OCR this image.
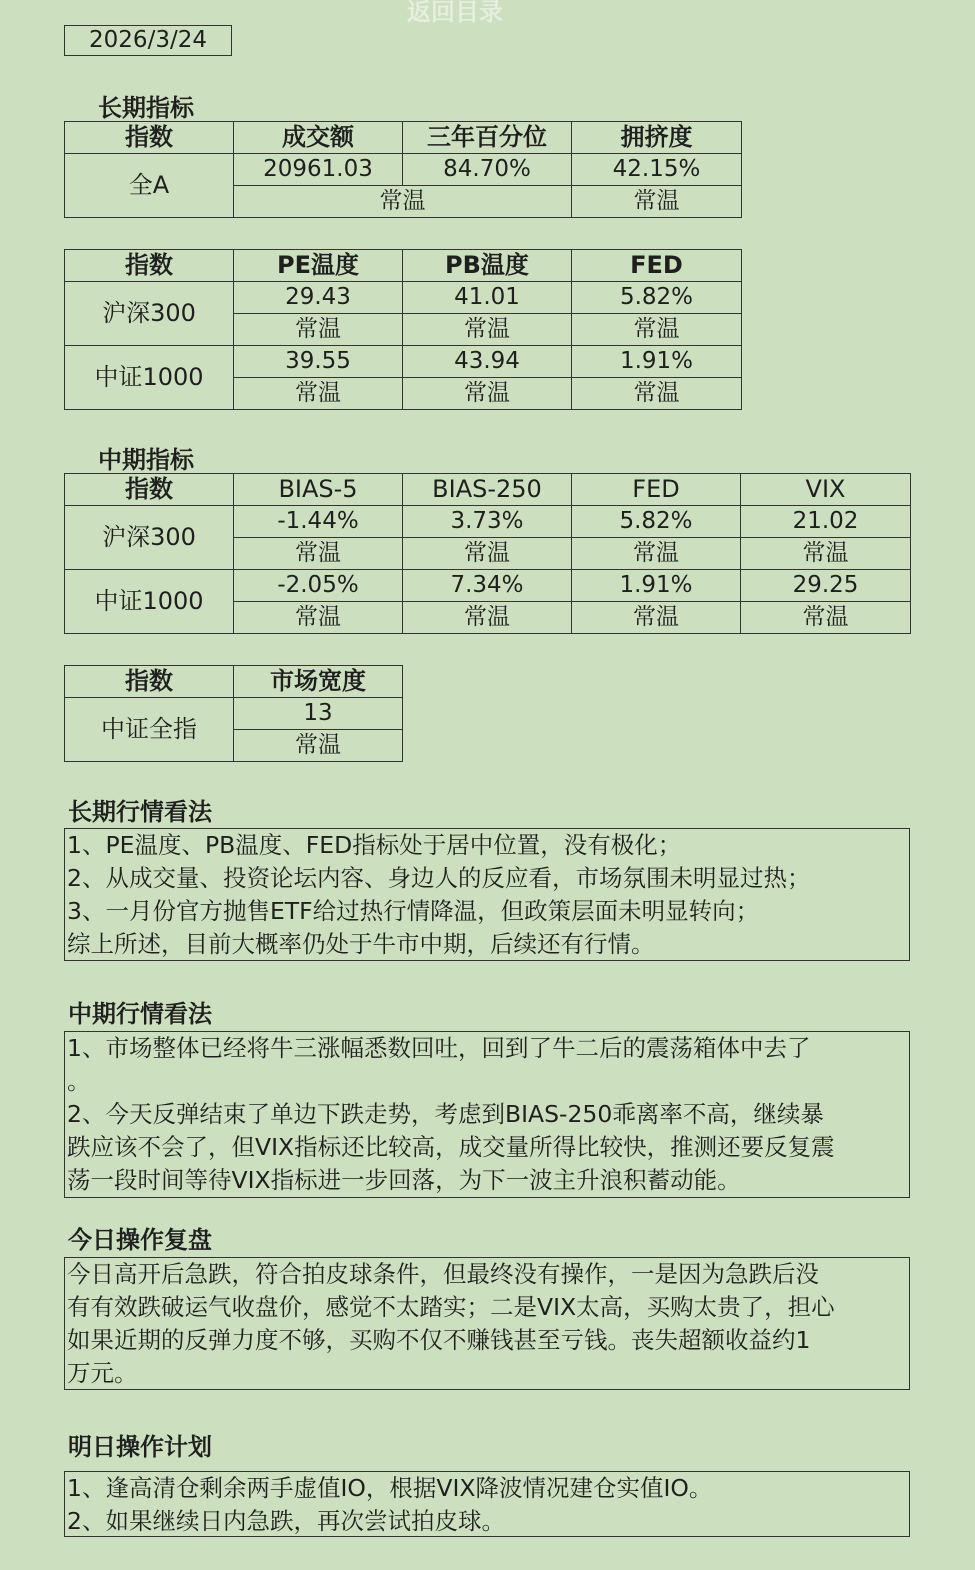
返回目录
2026/3/24
长期指标
指数	成交额	三年百分位	拥挤度
全A	20961.03	84.70%	42.15%
	常温		常温
指数	PE温度	PB温度	FED
沪深300	29.43	41.01	5.82%
	常温	常温	常温
中证1000	39.55	43.94	1.91%
	常温	常温	常温
中期指标
指数	BIAS-5	BIAS-250	FED	VIX
沪深300	-1.44%	3.73%	5.82%	21.02
	常温	常温	常温	常温
中证1000	-2.05%	7.34%	1.91%	29.25
	常温	常温	常温	常温
指数	市场宽度
中证全指	13
	常温
长期行情看法
1、PE温度、PB温度、FED指标处于居中位置，没有极化；
2、从成交量、投资论坛内容、身边人的反应看，市场氛围未明显过热；
3、一月份官方抛售ETF给过热行情降温，但政策层面未明显转向；
综上所述，目前大概率仍处于牛市中期，后续还有行情。
中期行情看法
1、市场整体已经将牛三涨幅悉数回吐，回到了牛二后的震荡箱体中去了
。
2、今天反弹结束了单边下跌走势，考虑到BIAS-250乖离率不高，继续暴
跌应该不会了，但VIX指标还比较高，成交量所得比较快，推测还要反复震
荡一段时间等待VIX指标进一步回落，为下一波主升浪积蓄动能。
今日操作复盘
今日高开后急跌，符合拍皮球条件，但最终没有操作，一是因为急跌后没
有有效跌破运气收盘价，感觉不太踏实；二是VIX太高，买购太贵了，担心
如果近期的反弹力度不够，买购不仅不赚钱甚至亏钱。丧失超额收益约1
万元。
明日操作计划
1、逢高清仓剩余两手虚值IO，根据VIX降波情况建仓实值IO。
2、如果继续日内急跌，再次尝试拍皮球。
